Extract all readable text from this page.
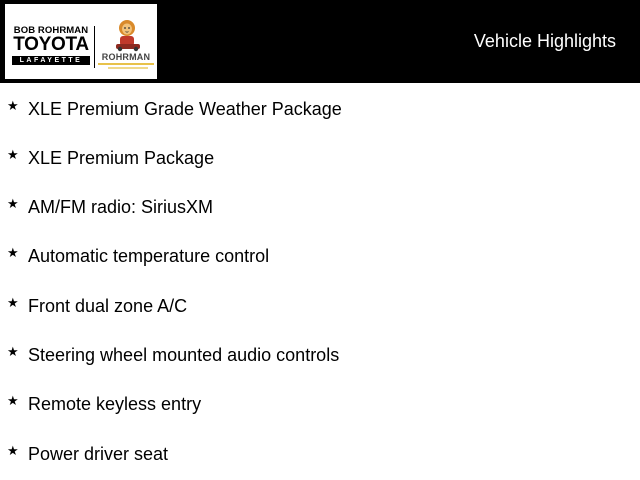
BOB ROHRMAN
TOYOTA
LAFAYETTE	ROHRMAN
Vehicle Highlights
★ XLE Premium Grade Weather Package
★ XLE Premium Package
★ AM/FM radio: SiriusXM
★ Automatic temperature control
★ Front dual zone A/C
★ Steering wheel mounted audio controls
★ Remote keyless entry
★ Power driver seat
